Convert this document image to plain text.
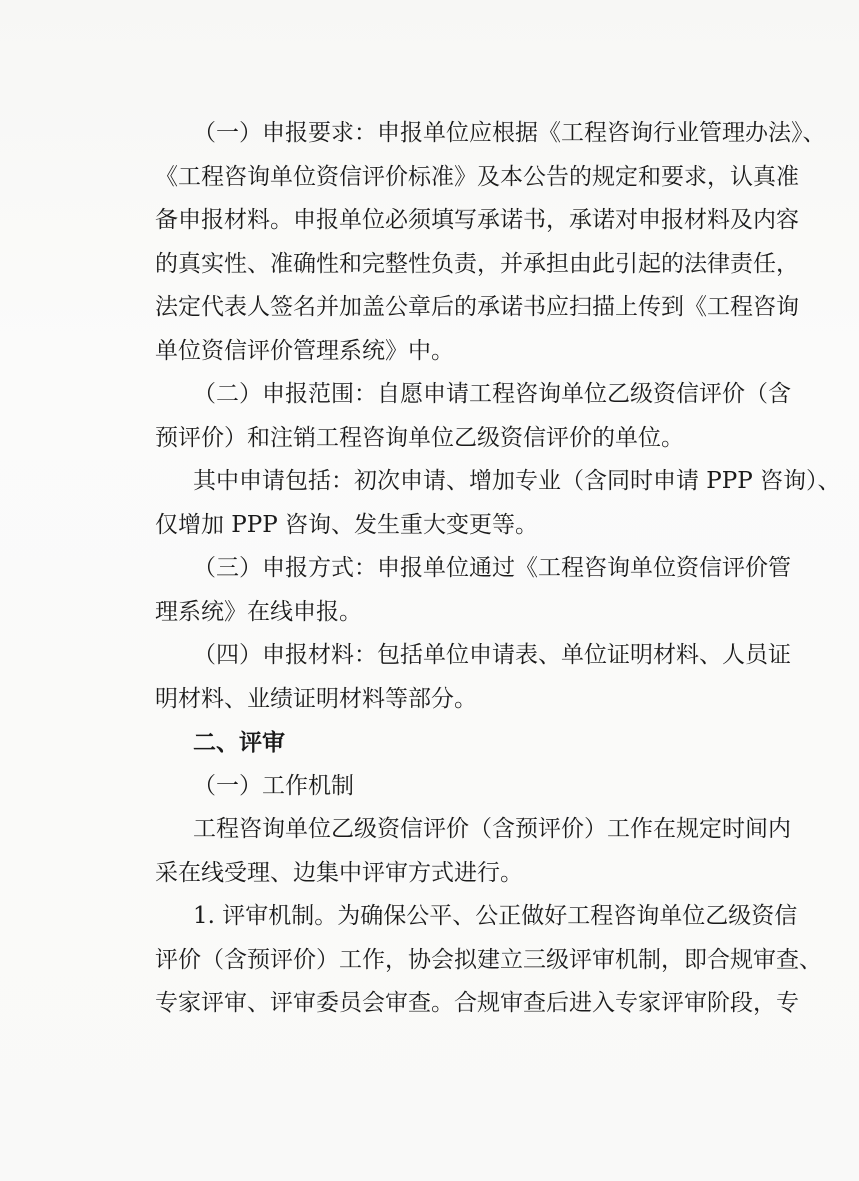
（一）申报要求：申报单位应根据《工程咨询行业管理办法》、
《工程咨询单位资信评价标准》及本公告的规定和要求，认真准
备申报材料。申报单位必须填写承诺书，承诺对申报材料及内容
的真实性、准确性和完整性负责，并承担由此引起的法律责任，
法定代表人签名并加盖公章后的承诺书应扫描上传到《工程咨询
单位资信评价管理系统》中。
（二）申报范围：自愿申请工程咨询单位乙级资信评价（含
预评价）和注销工程咨询单位乙级资信评价的单位。
其中申请包括：初次申请、增加专业（含同时申请 PPP 咨询）、
仅增加 PPP 咨询、发生重大变更等。
（三）申报方式：申报单位通过《工程咨询单位资信评价管
理系统》在线申报。
（四）申报材料：包括单位申请表、单位证明材料、人员证
明材料、业绩证明材料等部分。
二、评审
（一）工作机制
工程咨询单位乙级资信评价（含预评价）工作在规定时间内
采在线受理、边集中评审方式进行。
1. 评审机制。为确保公平、公正做好工程咨询单位乙级资信
评价（含预评价）工作，协会拟建立三级评审机制，即合规审查、
专家评审、评审委员会审查。合规审查后进入专家评审阶段，专
